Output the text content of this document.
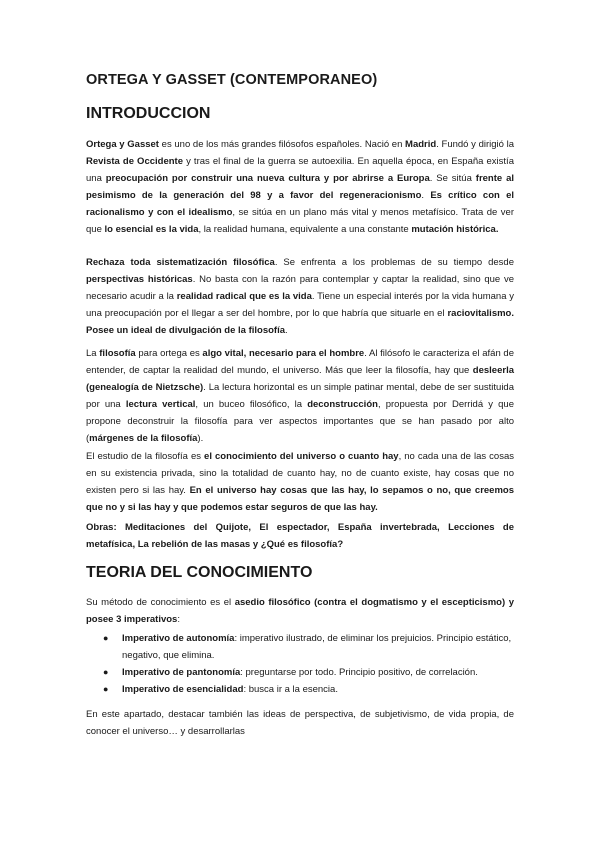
ORTEGA Y GASSET (CONTEMPORANEO)
INTRODUCCION

Ortega y Gasset es uno de los más grandes filósofos españoles. Nació en Madrid. Fundó y dirigió la Revista de Occidente y tras el final de la guerra se autoexilia. En aquella época, en España existía una preocupación por construir una nueva cultura y por abrirse a Europa. Se sitúa frente al pesimismo de la generación del 98 y a favor del regeneracionismo. Es crítico con el racionalismo y con el idealismo, se sitúa en un plano más vital y menos metafísico. Trata de ver que lo esencial es la vida, la realidad humana, equivalente a una constante mutación histórica.

Rechaza toda sistematización filosófica. Se enfrenta a los problemas de su tiempo desde perspectivas históricas. No basta con la razón para contemplar y captar la realidad, sino que ve necesario acudir a la realidad radical que es la vida. Tiene un especial interés por la vida humana y una preocupación por el llegar a ser del hombre, por lo que habría que situarle en el raciovitalismo. Posee un ideal de divulgación de la filosofía.

La filosofía para ortega es algo vital, necesario para el hombre. Al filósofo le caracteriza el afán de entender, de captar la realidad del mundo, el universo. Más que leer la filosofía, hay que desleerla (genealogía de Nietzsche). La lectura horizontal es un simple patinar mental, debe de ser sustituida por una lectura vertical, un buceo filosófico, la deconstrucción, propuesta por Derridá y que propone deconstruir la filosofía para ver aspectos importantes que se han pasado por alto (márgenes de la filosofía).

El estudio de la filosofía es el conocimiento del universo o cuanto hay, no cada una de las cosas en su existencia privada, sino la totalidad de cuanto hay, no de cuanto existe, hay cosas que no existen pero si las hay. En el universo hay cosas que las hay, lo sepamos o no, que creemos que no y si las hay y que podemos estar seguros de que las hay.

Obras: Meditaciones del Quijote, El espectador, España invertebrada, Lecciones de metafísica, La rebelión de las masas y ¿Qué es filosofía?

TEORIA DEL CONOCIMIENTO

Su método de conocimiento es el asedio filosófico (contra el dogmatismo y el escepticismo) y posee 3 imperativos:

● Imperativo de autonomía: imperativo ilustrado, de eliminar los prejuicios. Principio estático, negativo, que elimina.
● Imperativo de pantonomía: preguntarse por todo. Principio positivo, de correlación.
● Imperativo de esencialidad: busca ir a la esencia.

En este apartado, destacar también las ideas de perspectiva, de subjetivismo, de vida propia, de conocer el universo… y desarrollarlas
